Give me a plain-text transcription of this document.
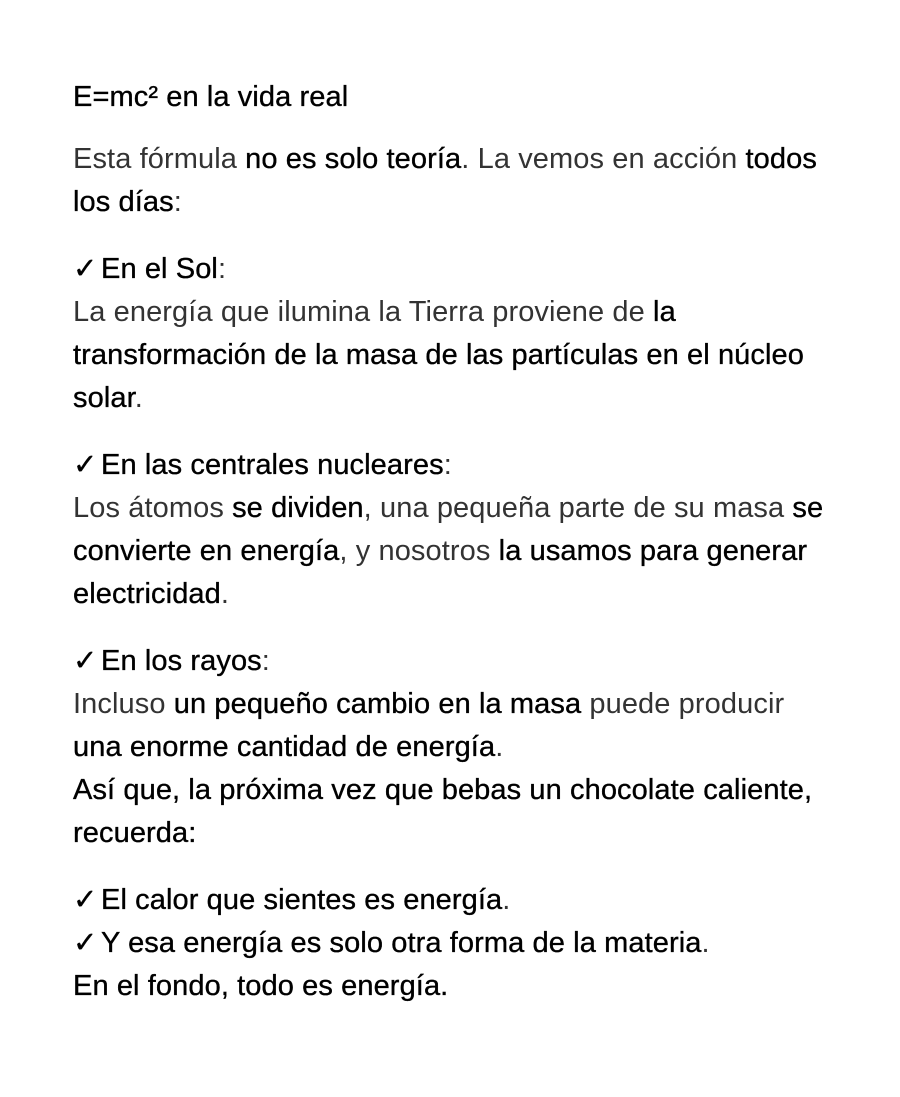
E=mc² en la vida real
Esta fórmula no es solo teoría. La vemos en acción todos los días:
✓ En el Sol:
La energía que ilumina la Tierra proviene de la transformación de la masa de las partículas en el núcleo solar.
✓ En las centrales nucleares:
Los átomos se dividen, una pequeña parte de su masa se convierte en energía, y nosotros la usamos para generar electricidad.
✓ En los rayos:
Incluso un pequeño cambio en la masa puede producir una enorme cantidad de energía.
Así que, la próxima vez que bebas un chocolate caliente, recuerda:
✓ El calor que sientes es energía.
✓ Y esa energía es solo otra forma de la materia.
En el fondo, todo es energía.
